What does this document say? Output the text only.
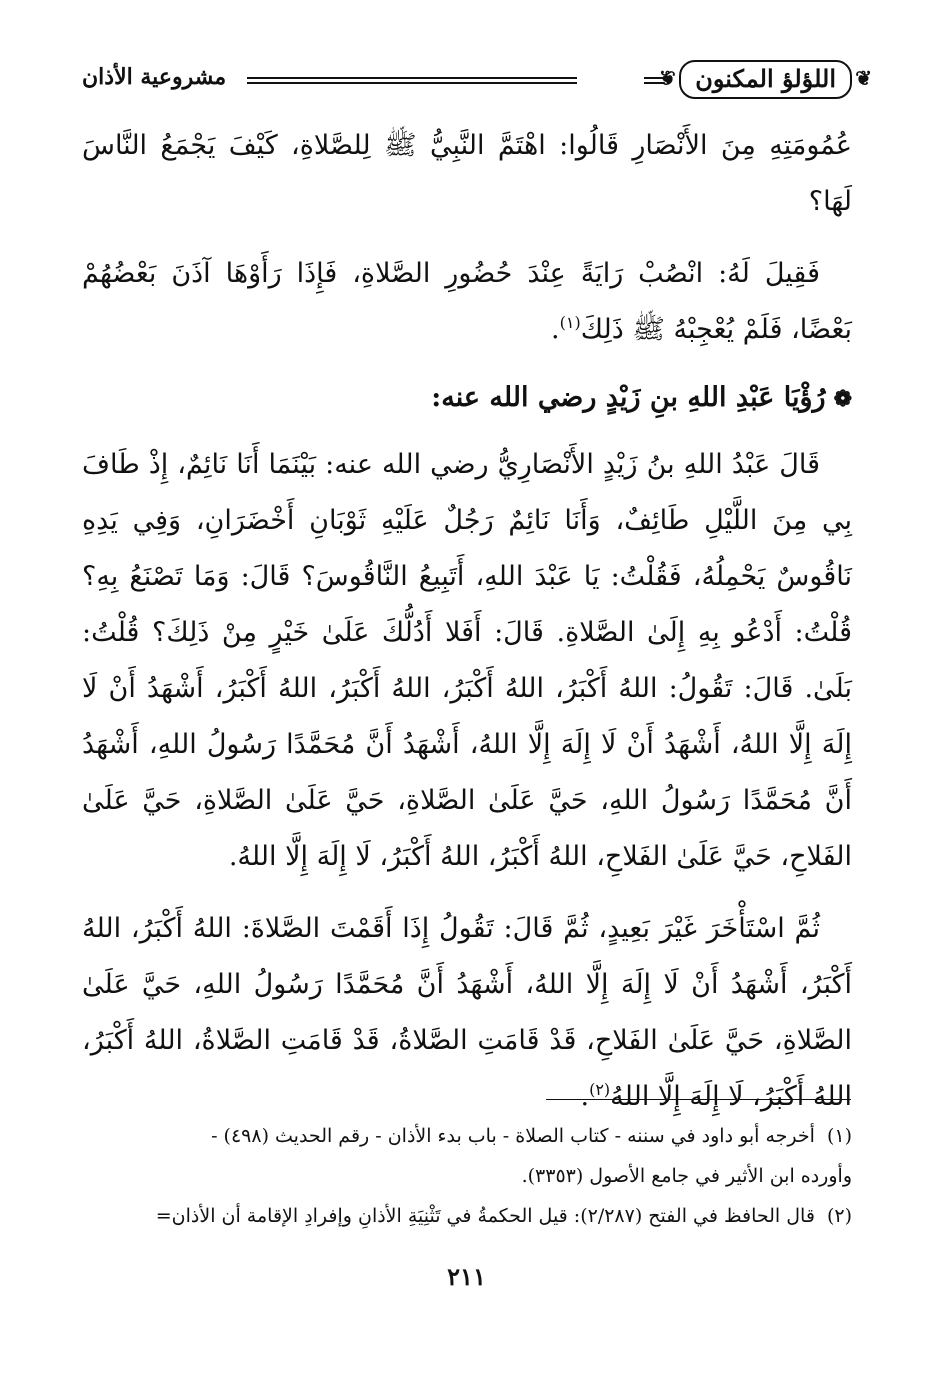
❦ اللؤلؤ المكنون ❦
مشروعية الأذان

عُمُومَتِهِ مِنَ الأَنْصَارِ قَالُوا: اهْتَمَّ النَّبِيُّ ﷺ لِلصَّلاةِ، كَيْفَ يَجْمَعُ النَّاسَ لَهَا؟

فَقِيلَ لَهُ: انْصُبْ رَايَةً عِنْدَ حُضُورِ الصَّلاةِ، فَإِذَا رَأَوْهَا آذَنَ بَعْضُهُمْ بَعْضًا، فَلَمْ يُعْجِبْهُ ﷺ ذَلِكَ$^{(١)}$.

❁رُؤْيَا عَبْدِ اللهِ بنِ زَيْدٍ رضي الله عنه:

قَالَ عَبْدُ اللهِ بنُ زَيْدٍ الأَنْصَارِيُّ رضي الله عنه: بَيْنَمَا أَنَا نَائِمٌ، إِذْ طَافَ بِي مِنَ اللَّيْلِ طَائِفٌ، وَأَنَا نَائِمٌ رَجُلٌ عَلَيْهِ ثَوْبَانِ أَخْضَرَانِ، وَفِي يَدِهِ نَاقُوسٌ يَحْمِلُهُ، فَقُلْتُ: يَا عَبْدَ اللهِ، أَتَبِيعُ النَّاقُوسَ؟ قَالَ: وَمَا تَصْنَعُ بِهِ؟ قُلْتُ: أَدْعُو بِهِ إِلَىٰ الصَّلاةِ. قَالَ: أَفَلا أَدُلُّكَ عَلَىٰ خَيْرٍ مِنْ ذَلِكَ؟ قُلْتُ: بَلَىٰ. قَالَ: تَقُولُ: اللهُ أَكْبَرُ، اللهُ أَكْبَرُ، اللهُ أَكْبَرُ، اللهُ أَكْبَرُ، أَشْهَدُ أَنْ لَا إِلَهَ إِلَّا اللهُ، أَشْهَدُ أَنْ لَا إِلَهَ إِلَّا اللهُ، أَشْهَدُ أَنَّ مُحَمَّدًا رَسُولُ اللهِ، أَشْهَدُ أَنَّ مُحَمَّدًا رَسُولُ اللهِ، حَيَّ عَلَىٰ الصَّلاةِ، حَيَّ عَلَىٰ الصَّلاةِ، حَيَّ عَلَىٰ الفَلاحِ، حَيَّ عَلَىٰ الفَلاحِ، اللهُ أَكْبَرُ، اللهُ أَكْبَرُ، لَا إِلَهَ إِلَّا اللهُ.

ثُمَّ اسْتَأْخَرَ غَيْرَ بَعِيدٍ، ثُمَّ قَالَ: تَقُولُ إِذَا أَقَمْتَ الصَّلاةَ: اللهُ أَكْبَرُ، اللهُ أَكْبَرُ، أَشْهَدُ أَنْ لَا إِلَهَ إِلَّا اللهُ، أَشْهَدُ أَنَّ مُحَمَّدًا رَسُولُ اللهِ، حَيَّ عَلَىٰ الصَّلاةِ، حَيَّ عَلَىٰ الفَلاحِ، قَدْ قَامَتِ الصَّلاةُ، قَدْ قَامَتِ الصَّلاةُ، اللهُ أَكْبَرُ، اللهُ أَكْبَرُ، لَا إِلَهَ إِلَّا اللهُ$^{(٢)}$.

(١)أخرجه أبو داود في سننه - كتاب الصلاة - باب بدء الأذان - رقم الحديث (٤٩٨) -

وأورده ابن الأثير في جامع الأصول (٣٣٥٣).

(٢)قال الحافظ في الفتح (٢/٢٨٧): قيل الحكمةُ في تَثْنِيَةِ الأذانِ وإفرادِ الإقامة أن الأذان=

٢١١
